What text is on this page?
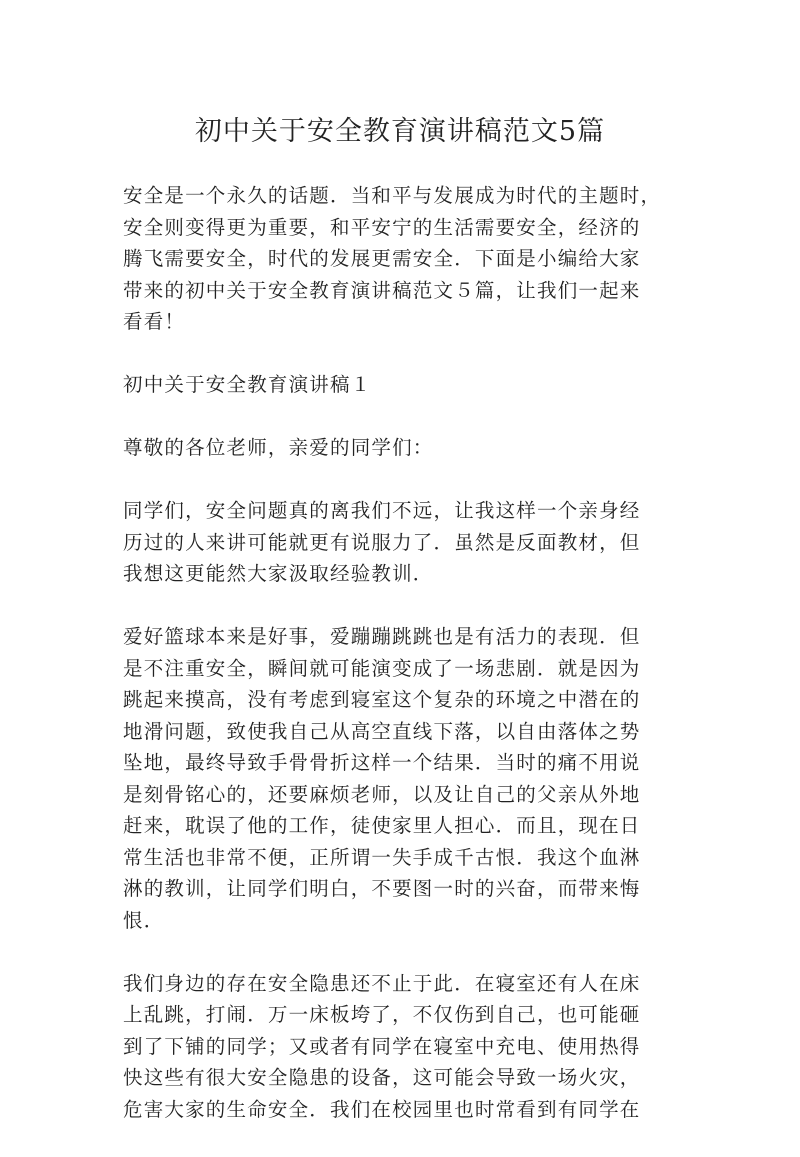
初中关于安全教育演讲稿范文5篇
安全是一个永久的话题．当和平与发展成为时代的主题时，
安全则变得更为重要，和平安宁的生活需要安全，经济的
腾飞需要安全，时代的发展更需安全．下面是小编给大家
带来的初中关于安全教育演讲稿范文５篇，让我们一起来
看看！
初中关于安全教育演讲稿１
尊敬的各位老师，亲爱的同学们：
同学们，安全问题真的离我们不远，让我这样一个亲身经
历过的人来讲可能就更有说服力了．虽然是反面教材，但
我想这更能然大家汲取经验教训．
爱好篮球本来是好事，爱蹦蹦跳跳也是有活力的表现．但
是不注重安全，瞬间就可能演变成了一场悲剧．就是因为
跳起来摸高，没有考虑到寝室这个复杂的环境之中潜在的
地滑问题，致使我自己从高空直线下落，以自由落体之势
坠地，最终导致手骨骨折这样一个结果．当时的痛不用说
是刻骨铭心的，还要麻烦老师，以及让自己的父亲从外地
赶来，耽误了他的工作，徒使家里人担心．而且，现在日
常生活也非常不便，正所谓一失手成千古恨．我这个血淋
淋的教训，让同学们明白，不要图一时的兴奋，而带来悔
恨．
我们身边的存在安全隐患还不止于此．在寝室还有人在床
上乱跳，打闹．万一床板垮了，不仅伤到自己，也可能砸
到了下铺的同学；又或者有同学在寝室中充电、使用热得
快这些有很大安全隐患的设备，这可能会导致一场火灾，
危害大家的生命安全．我们在校园里也时常看到有同学在
